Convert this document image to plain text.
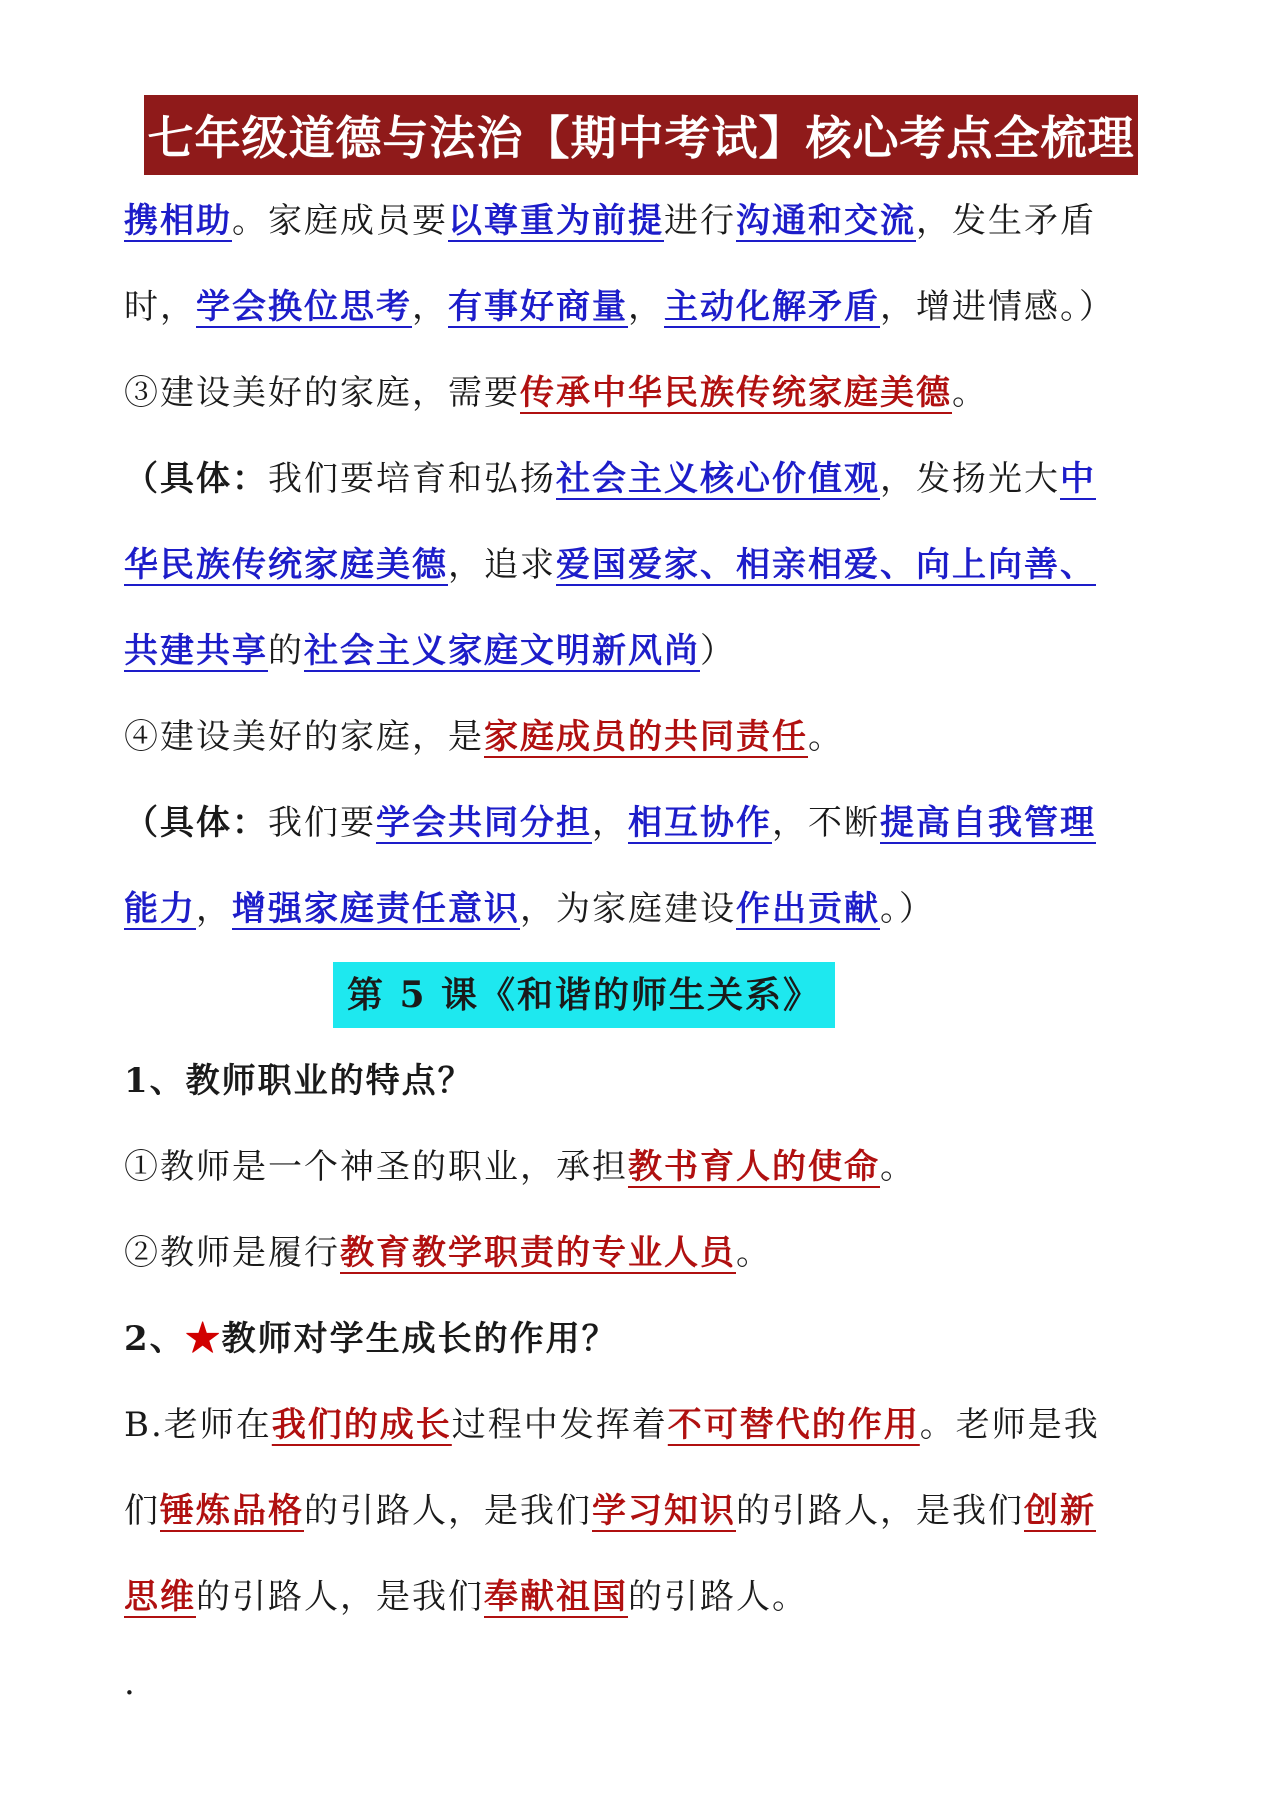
七年级道德与法治【期中考试】核心考点全梳理
携相助。家庭成员要以尊重为前提进行沟通和交流，发生矛盾
时，学会换位思考，有事好商量，主动化解矛盾，增进情感。）
③建设美好的家庭，需要传承中华民族传统家庭美德。
（具体：我们要培育和弘扬社会主义核心价值观，发扬光大中
华民族传统家庭美德，追求爱国爱家、相亲相爱、向上向善、
共建共享的社会主义家庭文明新风尚）
④建设美好的家庭，是家庭成员的共同责任。
（具体：我们要学会共同分担，相互协作，不断提高自我管理
能力，增强家庭责任意识，为家庭建设作出贡献。）
第 5 课《和谐的师生关系》
1、教师职业的特点？
①教师是一个神圣的职业，承担教书育人的使命。
②教师是履行教育教学职责的专业人员。
2、★教师对学生成长的作用？
B.老师在我们的成长过程中发挥着不可替代的作用。老师是我
们锤炼品格的引路人，是我们学习知识的引路人，是我们创新
思维的引路人，是我们奉献祖国的引路人。
.
